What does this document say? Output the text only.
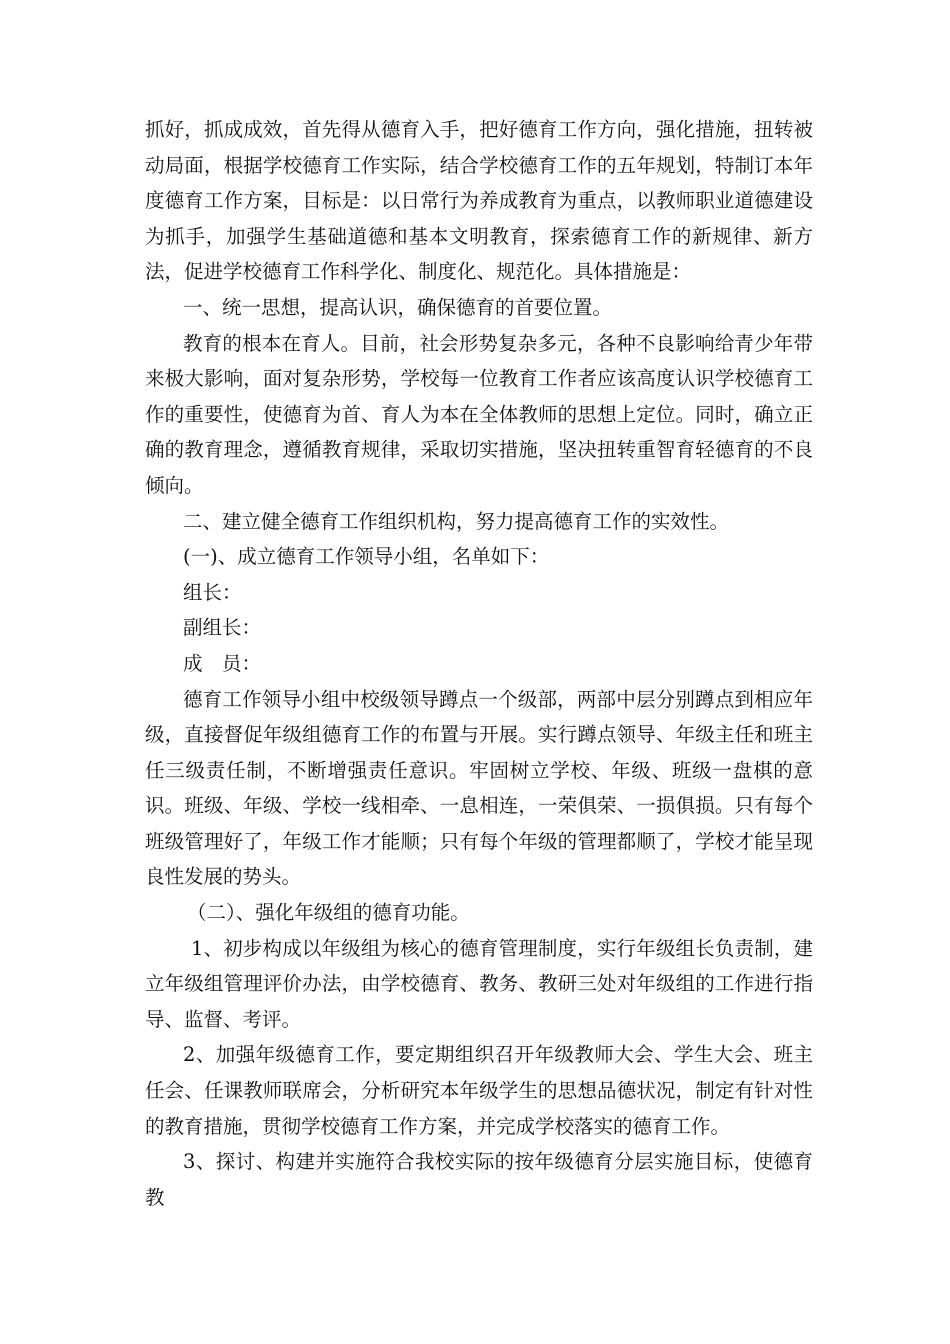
抓好，抓成成效，首先得从德育入手，把好德育工作方向，强化措施，扭转被动局面，根据学校德育工作实际，结合学校德育工作的五年规划，特制订本年度德育工作方案，目标是：以日常行为养成教育为重点，以教师职业道德建设为抓手，加强学生基础道德和基本文明教育，探索德育工作的新规律、新方法，促进学校德育工作科学化、制度化、规范化。具体措施是：

一、统一思想，提高认识，确保德育的首要位置。

教育的根本在育人。目前，社会形势复杂多元，各种不良影响给青少年带来极大影响，面对复杂形势，学校每一位教育工作者应该高度认识学校德育工作的重要性，使德育为首、育人为本在全体教师的思想上定位。同时，确立正确的教育理念，遵循教育规律，采取切实措施，坚决扭转重智育轻德育的不良倾向。

二、建立健全德育工作组织机构，努力提高德育工作的实效性。

(一)、成立德育工作领导小组，名单如下：

组长：

副组长：

成　员：

德育工作领导小组中校级领导蹲点一个级部，两部中层分别蹲点到相应年级，直接督促年级组德育工作的布置与开展。实行蹲点领导、年级主任和班主任三级责任制，不断增强责任意识。牢固树立学校、年级、班级一盘棋的意识。班级、年级、学校一线相牵、一息相连，一荣俱荣、一损俱损。只有每个班级管理好了，年级工作才能顺；只有每个年级的管理都顺了，学校才能呈现良性发展的势头。

（二）、强化年级组的德育功能。

1、初步构成以年级组为核心的德育管理制度，实行年级组长负责制，建立年级组管理评价办法，由学校德育、教务、教研三处对年级组的工作进行指导、监督、考评。

2、加强年级德育工作，要定期组织召开年级教师大会、学生大会、班主任会、任课教师联席会，分析研究本年级学生的思想品德状况，制定有针对性的教育措施，贯彻学校德育工作方案，并完成学校落实的德育工作。

3、探讨、构建并实施符合我校实际的按年级德育分层实施目标，使德育教
